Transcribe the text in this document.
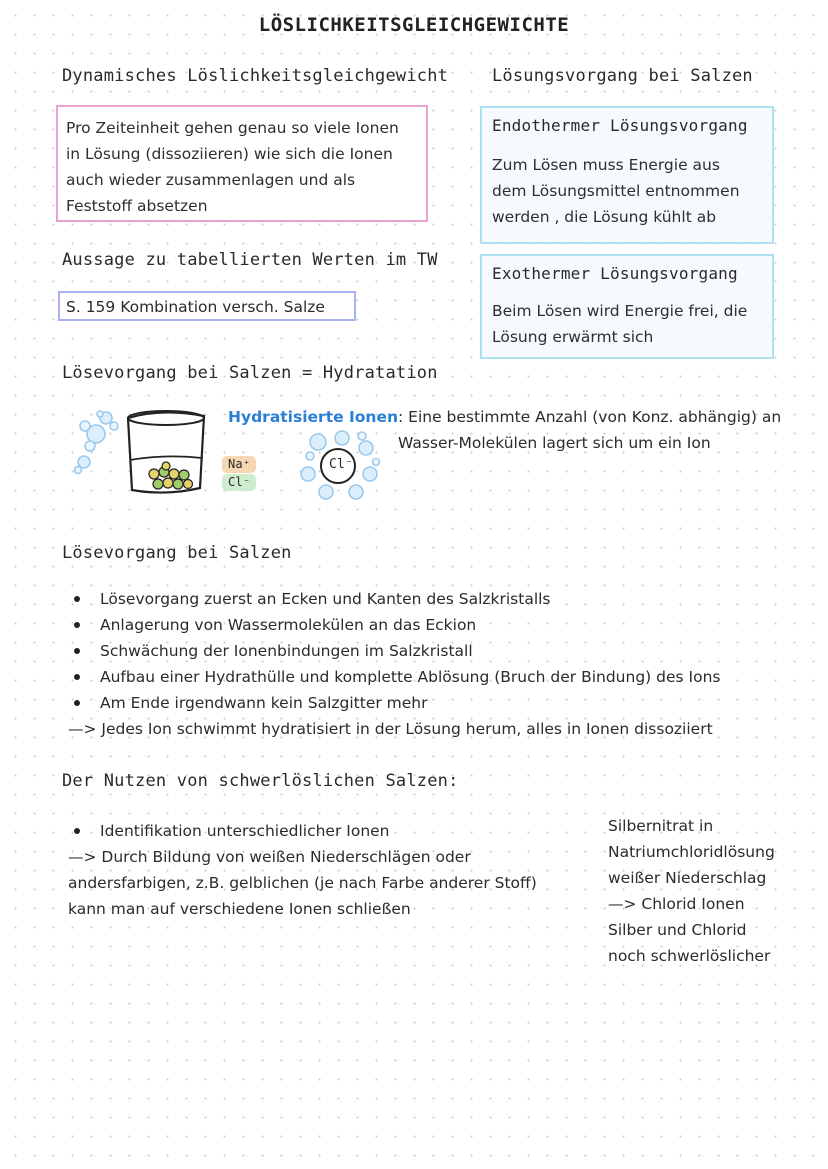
LÖSLICHKEITSGLEICHGEWICHTE
Dynamisches Löslichkeitsgleichgewicht
Pro Zeiteinheit gehen genau so viele Ionen
in Lösung (dissoziieren) wie sich die Ionen
auch wieder zusammenlagen und als
Feststoff absetzen
Aussage zu tabellierten Werten im TW
S. 159 Kombination versch. Salze
Lösungsvorgang bei Salzen
Endothermer Lösungsvorgang
Zum Lösen muss Energie aus
dem Lösungsmittel entnommen
werden , die Lösung kühlt ab
Exothermer Lösungsvorgang
Beim Lösen wird Energie frei, die
Lösung erwärmt sich
Lösevorgang bei Salzen = Hydratation
Na⁺
Cl⁻
Cl⁻
Hydratisierte Ionen: Eine bestimmte Anzahl (von Konz. abhängig) an
Wasser-Molekülen lagert sich um ein Ion
Lösevorgang bei Salzen
Lösevorgang zuerst an Ecken und Kanten des Salzkristalls
Anlagerung von Wassermolekülen an das Eckion
Schwächung der Ionenbindungen im Salzkristall
Aufbau einer Hydrathülle und komplette Ablösung (Bruch der Bindung) des Ions
Am Ende irgendwann kein Salzgitter mehr
—> Jedes Ion schwimmt hydratisiert in der Lösung herum, alles in Ionen dissoziiert
Der Nutzen von schwerlöslichen Salzen:
Identifikation unterschiedlicher Ionen
—> Durch Bildung von weißen Niederschlägen oder
andersfarbigen, z.B. gelblichen (je nach Farbe anderer Stoff)
kann man auf verschiedene Ionen schließen
Silbernitrat in
Natriumchloridlösung
weißer Niederschlag
—> Chlorid Ionen
Silber und Chlorid
noch schwerlöslicher
